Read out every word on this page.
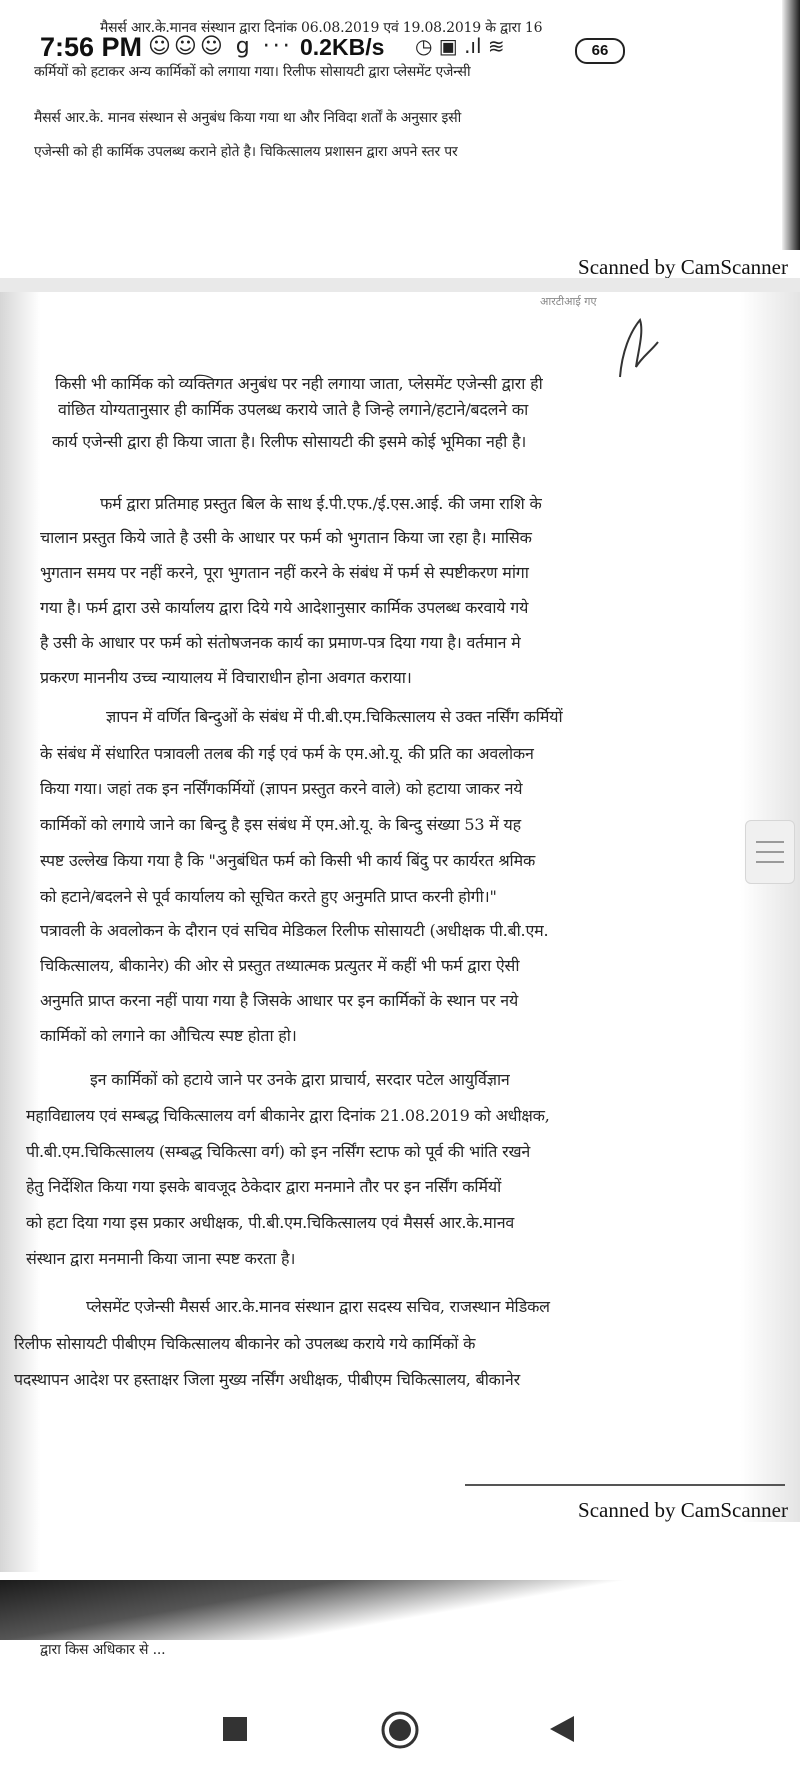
मैसर्स आर.के.मानव संस्थान द्वारा दिनांक 06.08.2019 एवं 19.08.2019 के द्वारा 16
कर्मियों को हटाकर अन्य कार्मिकों को लगाया गया। रिलीफ सोसायटी द्वारा प्लेसमेंट एजेन्सी
मैसर्स आर.के. मानव संस्थान से अनुबंध किया गया था और निविदा शर्तों के अनुसार इसी
एजेन्सी को ही कार्मिक उपलब्ध कराने होते है। चिकित्सालय प्रशासन द्वारा अपने स्तर पर
Scanned by CamScanner
7:56 PM ☺☺☺ g ··· 0.2KB/s ◷ ▣ .ıl ≋	66
आरटीआई गए
किसी भी कार्मिक को व्यक्तिगत अनुबंध पर नही लगाया जाता, प्लेसमेंट एजेन्सी द्वारा ही
वांछित योग्यतानुसार ही कार्मिक उपलब्ध कराये जाते है जिन्हे लगाने/हटाने/बदलने का
कार्य एजेन्सी द्वारा ही किया जाता है। रिलीफ सोसायटी की इसमे कोई भूमिका नही है।
फर्म द्वारा प्रतिमाह प्रस्तुत बिल के साथ ई.पी.एफ./ई.एस.आई. की जमा राशि के
चालान प्रस्तुत किये जाते है उसी के आधार पर फर्म को भुगतान किया जा रहा है। मासिक
भुगतान समय पर नहीं करने, पूरा भुगतान नहीं करने के संबंध में फर्म से स्पष्टीकरण मांगा
गया है। फर्म द्वारा उसे कार्यालय द्वारा दिये गये आदेशानुसार कार्मिक उपलब्ध करवाये गये
है उसी के आधार पर फर्म को संतोषजनक कार्य का प्रमाण-पत्र दिया गया है। वर्तमान मे
प्रकरण माननीय उच्च न्यायालय में विचाराधीन होना अवगत कराया।
ज्ञापन में वर्णित बिन्दुओं के संबंध में पी.बी.एम.चिकित्सालय से उक्त नर्सिंग कर्मियों
के संबंध में संधारित पत्रावली तलब की गई एवं फर्म के एम.ओ.यू. की प्रति का अवलोकन
किया गया। जहां तक इन नर्सिंगकर्मियों (ज्ञापन प्रस्तुत करने वाले) को हटाया जाकर नये
कार्मिकों को लगाये जाने का बिन्दु है इस संबंध में एम.ओ.यू. के बिन्दु संख्या 53 में यह
स्पष्ट उल्लेख किया गया है कि "अनुबंधित फर्म को किसी भी कार्य बिंदु पर कार्यरत श्रमिक
को हटाने/बदलने से पूर्व कार्यालय को सूचित करते हुए अनुमति प्राप्त करनी होगी।"
पत्रावली के अवलोकन के दौरान एवं सचिव मेडिकल रिलीफ सोसायटी (अधीक्षक पी.बी.एम.
चिकित्सालय, बीकानेर) की ओर से प्रस्तुत तथ्यात्मक प्रत्युतर में कहीं भी फर्म द्वारा ऐसी
अनुमति प्राप्त करना नहीं पाया गया है जिसके आधार पर इन कार्मिकों के स्थान पर नये
कार्मिकों को लगाने का औचित्य स्पष्ट होता हो।
इन कार्मिकों को हटाये जाने पर उनके द्वारा प्राचार्य, सरदार पटेल आयुर्विज्ञान
महाविद्यालय एवं सम्बद्ध चिकित्सालय वर्ग बीकानेर द्वारा दिनांक 21.08.2019 को अधीक्षक,
पी.बी.एम.चिकित्सालय (सम्बद्ध चिकित्सा वर्ग) को इन नर्सिंग स्टाफ को पूर्व की भांति रखने
हेतु निर्देशित किया गया इसके बावजूद ठेकेदार द्वारा मनमाने तौर पर इन नर्सिंग कर्मियों
को हटा दिया गया इस प्रकार अधीक्षक, पी.बी.एम.चिकित्सालय एवं मैसर्स आर.के.मानव
संस्थान द्वारा मनमानी किया जाना स्पष्ट करता है।
प्लेसमेंट एजेन्सी मैसर्स आर.के.मानव संस्थान द्वारा सदस्य सचिव, राजस्थान मेडिकल
रिलीफ सोसायटी पीबीएम चिकित्सालय बीकानेर को उपलब्ध कराये गये कार्मिकों के
पदस्थापन आदेश पर हस्ताक्षर जिला मुख्य नर्सिंग अधीक्षक, पीबीएम चिकित्सालय, बीकानेर
Scanned by CamScanner
द्वारा किस अधिकार से ...
